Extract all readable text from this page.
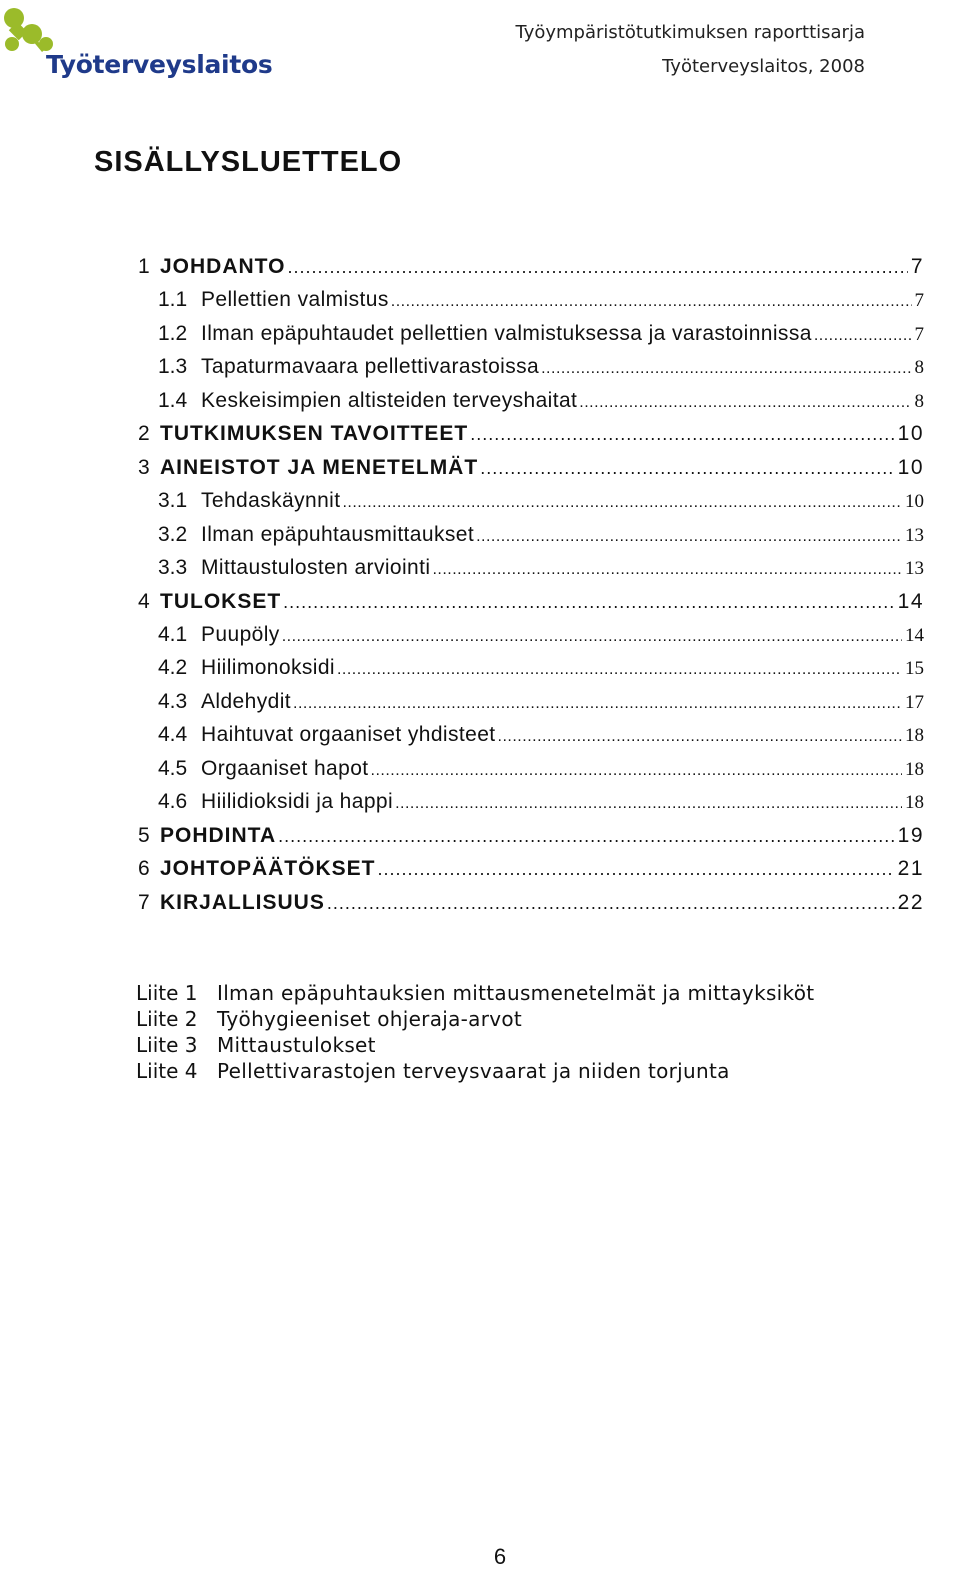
Työterveyslaitos
Työympäristötutkimuksen raporttisarja
Työterveyslaitos, 2008
SISÄLLYSLUETTELO
1 JOHDANTO .....	7
1.1 Pellettien valmistus .....	7
1.2 Ilman epäpuhtaudet pellettien valmistuksessa ja varastoinnissa .....	7
1.3 Tapaturmavaara pellettivarastoissa .....	8
1.4 Keskeisimpien altisteiden terveyshaitat .....	8
2 TUTKIMUKSEN TAVOITTEET .....	10
3 AINEISTOT JA MENETELMÄT .....	10
3.1 Tehdaskäynnit .....	10
3.2 Ilman epäpuhtausmittaukset .....	13
3.3 Mittaustulosten arviointi .....	13
4 TULOKSET .....	14
4.1 Puupöly .....	14
4.2 Hiilimonoksidi .....	15
4.3 Aldehydit .....	17
4.4 Haihtuvat orgaaniset yhdisteet .....	18
4.5 Orgaaniset hapot .....	18
4.6 Hiilidioksidi ja happi .....	18
5 POHDINTA .....	19
6 JOHTOPÄÄTÖKSET .....	21
7 KIRJALLISUUS .....	22
Liite 1 Ilman epäpuhtauksien mittausmenetelmät ja mittayksiköt
Liite 2 Työhygieeniset ohjeraja-arvot
Liite 3 Mittaustulokset
Liite 4 Pellettivarastojen terveysvaarat ja niiden torjunta
6
